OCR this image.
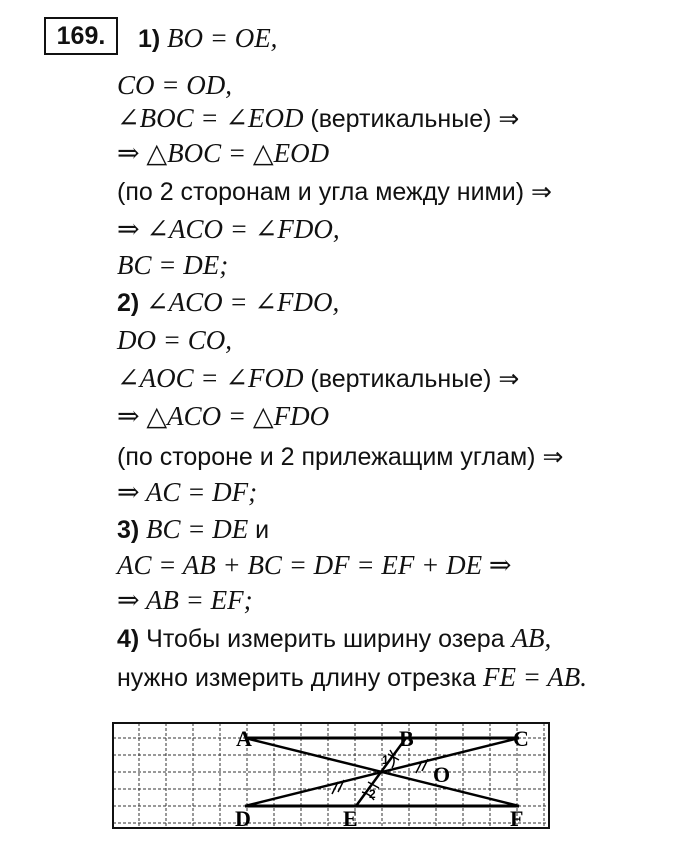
169.	1) BO = OE,
CO = OD,
∠BOC = ∠EOD (вертикальные) ⇒
⇒ △BOC = △EOD
(по 2 сторонам и угла между ними) ⇒
⇒ ∠ACO = ∠FDO,
BC = DE;
2) ∠ACO = ∠FDO,
DO = CO,
∠AOC = ∠FOD (вертикальные) ⇒
⇒ △ACO = △FDO
(по стороне и 2 прилежащим углам) ⇒
⇒ AC = DF;
3) BC = DE и
AC = AB + BC = DF = EF + DE ⇒
⇒ AB = EF;
4) Чтобы измерить ширину озера AB,
нужно измерить длину отрезка FE = AB.
A	B	C
D	E	F
O
1
2
